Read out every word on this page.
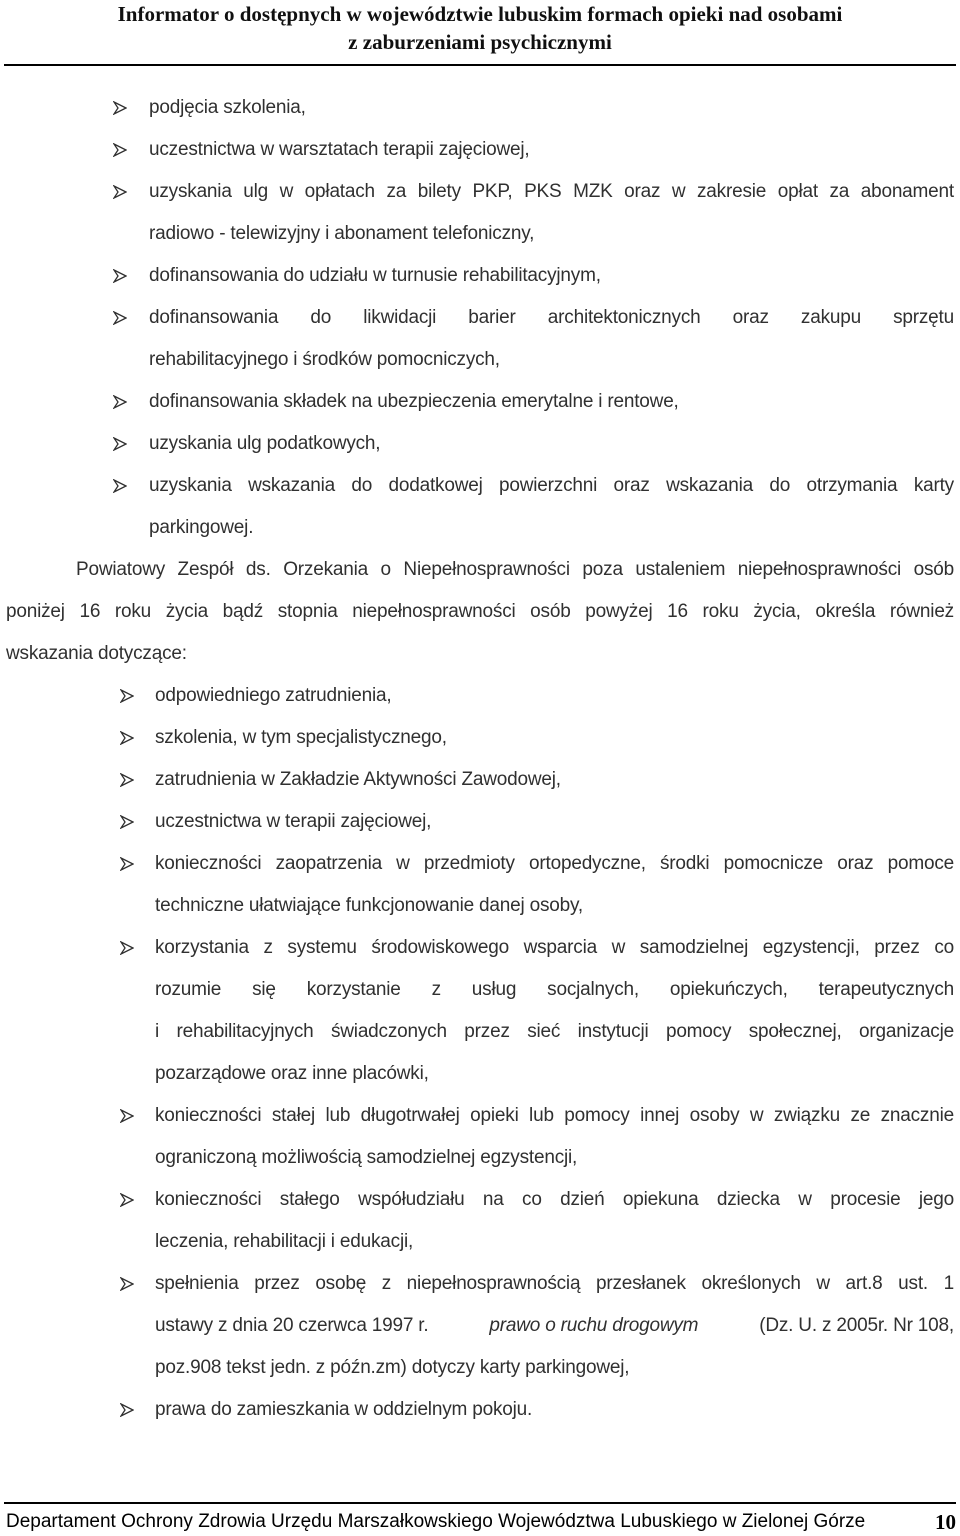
Informator o dostępnych w województwie lubuskim formach opieki nad osobami
z zaburzeniami psychicznymi
podjęcia szkolenia,
uczestnictwa w warsztatach terapii zajęciowej,
uzyskania ulg w opłatach za bilety PKP, PKS MZK oraz w zakresie opłat za abonament
radiowo - telewizyjny i abonament telefoniczny,
dofinansowania do udziału w turnusie rehabilitacyjnym,
dofinansowania do likwidacji barier architektonicznych oraz zakupu sprzętu
rehabilitacyjnego i środków pomocniczych,
dofinansowania składek na ubezpieczenia emerytalne i rentowe,
uzyskania ulg podatkowych,
uzyskania wskazania do dodatkowej powierzchni oraz wskazania do otrzymania karty
parkingowej.
Powiatowy Zespół ds. Orzekania o Niepełnosprawności poza ustaleniem niepełnosprawności osób
poniżej 16 roku życia bądź stopnia niepełnosprawności osób powyżej 16 roku życia, określa również
wskazania dotyczące:
odpowiedniego zatrudnienia,
szkolenia, w tym specjalistycznego,
zatrudnienia w Zakładzie Aktywności Zawodowej,
uczestnictwa w terapii zajęciowej,
konieczności zaopatrzenia w przedmioty ortopedyczne, środki pomocnicze oraz pomoce
techniczne ułatwiające funkcjonowanie danej osoby,
korzystania z systemu środowiskowego wsparcia w samodzielnej egzystencji, przez co
rozumie się korzystanie z usług socjalnych, opiekuńczych, terapeutycznych
i rehabilitacyjnych świadczonych przez sieć instytucji pomocy społecznej, organizacje
pozarządowe oraz inne placówki,
konieczności stałej lub długotrwałej opieki lub pomocy innej osoby w związku ze znacznie
ograniczoną możliwością samodzielnej egzystencji,
konieczności stałego współudziału na co dzień opiekuna dziecka w procesie jego
leczenia, rehabilitacji i edukacji,
spełnienia przez osobę z niepełnosprawnością przesłanek określonych w art.8 ust. 1
ustawy z dnia 20 czerwca 1997 r.	prawo o ruchu drogowym	(Dz. U. z 2005r. Nr 108,
poz.908 tekst jedn. z późn.zm) dotyczy karty parkingowej,
prawa do zamieszkania w oddzielnym pokoju.
Departament Ochrony Zdrowia Urzędu Marszałkowskiego Województwa Lubuskiego w Zielonej Górze	10
